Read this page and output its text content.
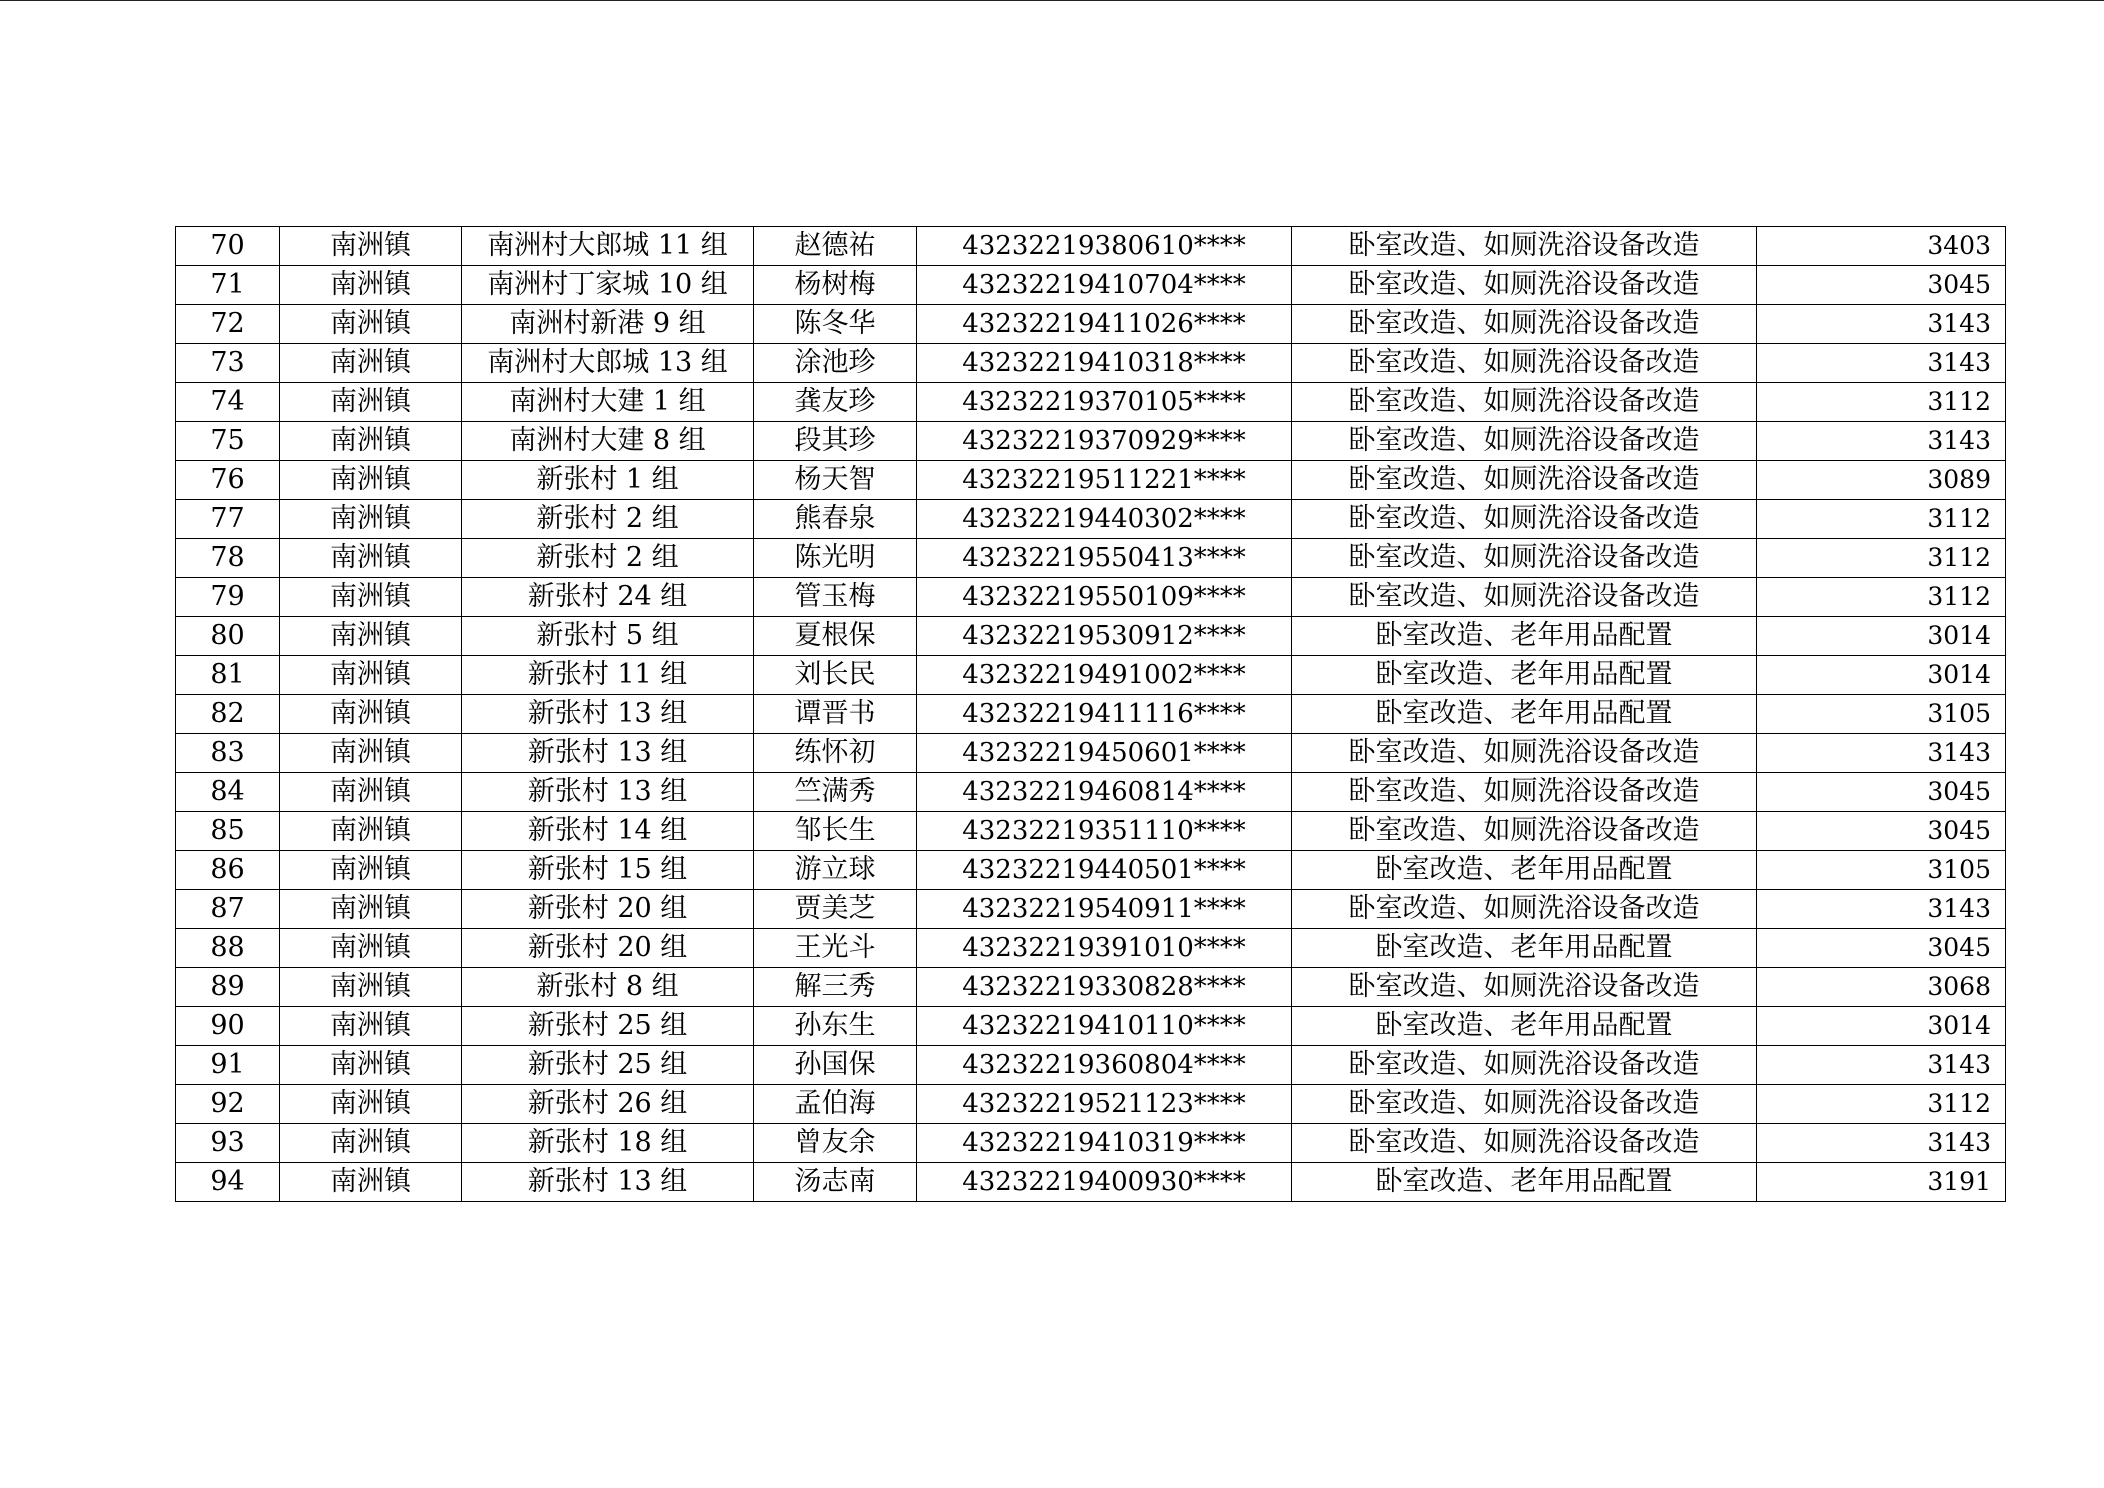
70	南洲镇	南洲村大郎城 11 组	赵德祐	43232219380610****	卧室改造、如厕洗浴设备改造	3403
71	南洲镇	南洲村丁家城 10 组	杨树梅	43232219410704****	卧室改造、如厕洗浴设备改造	3045
72	南洲镇	南洲村新港 9 组	陈冬华	43232219411026****	卧室改造、如厕洗浴设备改造	3143
73	南洲镇	南洲村大郎城 13 组	涂池珍	43232219410318****	卧室改造、如厕洗浴设备改造	3143
74	南洲镇	南洲村大建 1 组	龚友珍	43232219370105****	卧室改造、如厕洗浴设备改造	3112
75	南洲镇	南洲村大建 8 组	段其珍	43232219370929****	卧室改造、如厕洗浴设备改造	3143
76	南洲镇	新张村 1 组	杨天智	43232219511221****	卧室改造、如厕洗浴设备改造	3089
77	南洲镇	新张村 2 组	熊春泉	43232219440302****	卧室改造、如厕洗浴设备改造	3112
78	南洲镇	新张村 2 组	陈光明	43232219550413****	卧室改造、如厕洗浴设备改造	3112
79	南洲镇	新张村 24 组	管玉梅	43232219550109****	卧室改造、如厕洗浴设备改造	3112
80	南洲镇	新张村 5 组	夏根保	43232219530912****	卧室改造、老年用品配置	3014
81	南洲镇	新张村 11 组	刘长民	43232219491002****	卧室改造、老年用品配置	3014
82	南洲镇	新张村 13 组	谭晋书	43232219411116****	卧室改造、老年用品配置	3105
83	南洲镇	新张村 13 组	练怀初	43232219450601****	卧室改造、如厕洗浴设备改造	3143
84	南洲镇	新张村 13 组	竺满秀	43232219460814****	卧室改造、如厕洗浴设备改造	3045
85	南洲镇	新张村 14 组	邹长生	43232219351110****	卧室改造、如厕洗浴设备改造	3045
86	南洲镇	新张村 15 组	游立球	43232219440501****	卧室改造、老年用品配置	3105
87	南洲镇	新张村 20 组	贾美芝	43232219540911****	卧室改造、如厕洗浴设备改造	3143
88	南洲镇	新张村 20 组	王光斗	43232219391010****	卧室改造、老年用品配置	3045
89	南洲镇	新张村 8 组	解三秀	43232219330828****	卧室改造、如厕洗浴设备改造	3068
90	南洲镇	新张村 25 组	孙东生	43232219410110****	卧室改造、老年用品配置	3014
91	南洲镇	新张村 25 组	孙国保	43232219360804****	卧室改造、如厕洗浴设备改造	3143
92	南洲镇	新张村 26 组	孟伯海	43232219521123****	卧室改造、如厕洗浴设备改造	3112
93	南洲镇	新张村 18 组	曾友余	43232219410319****	卧室改造、如厕洗浴设备改造	3143
94	南洲镇	新张村 13 组	汤志南	43232219400930****	卧室改造、老年用品配置	3191
